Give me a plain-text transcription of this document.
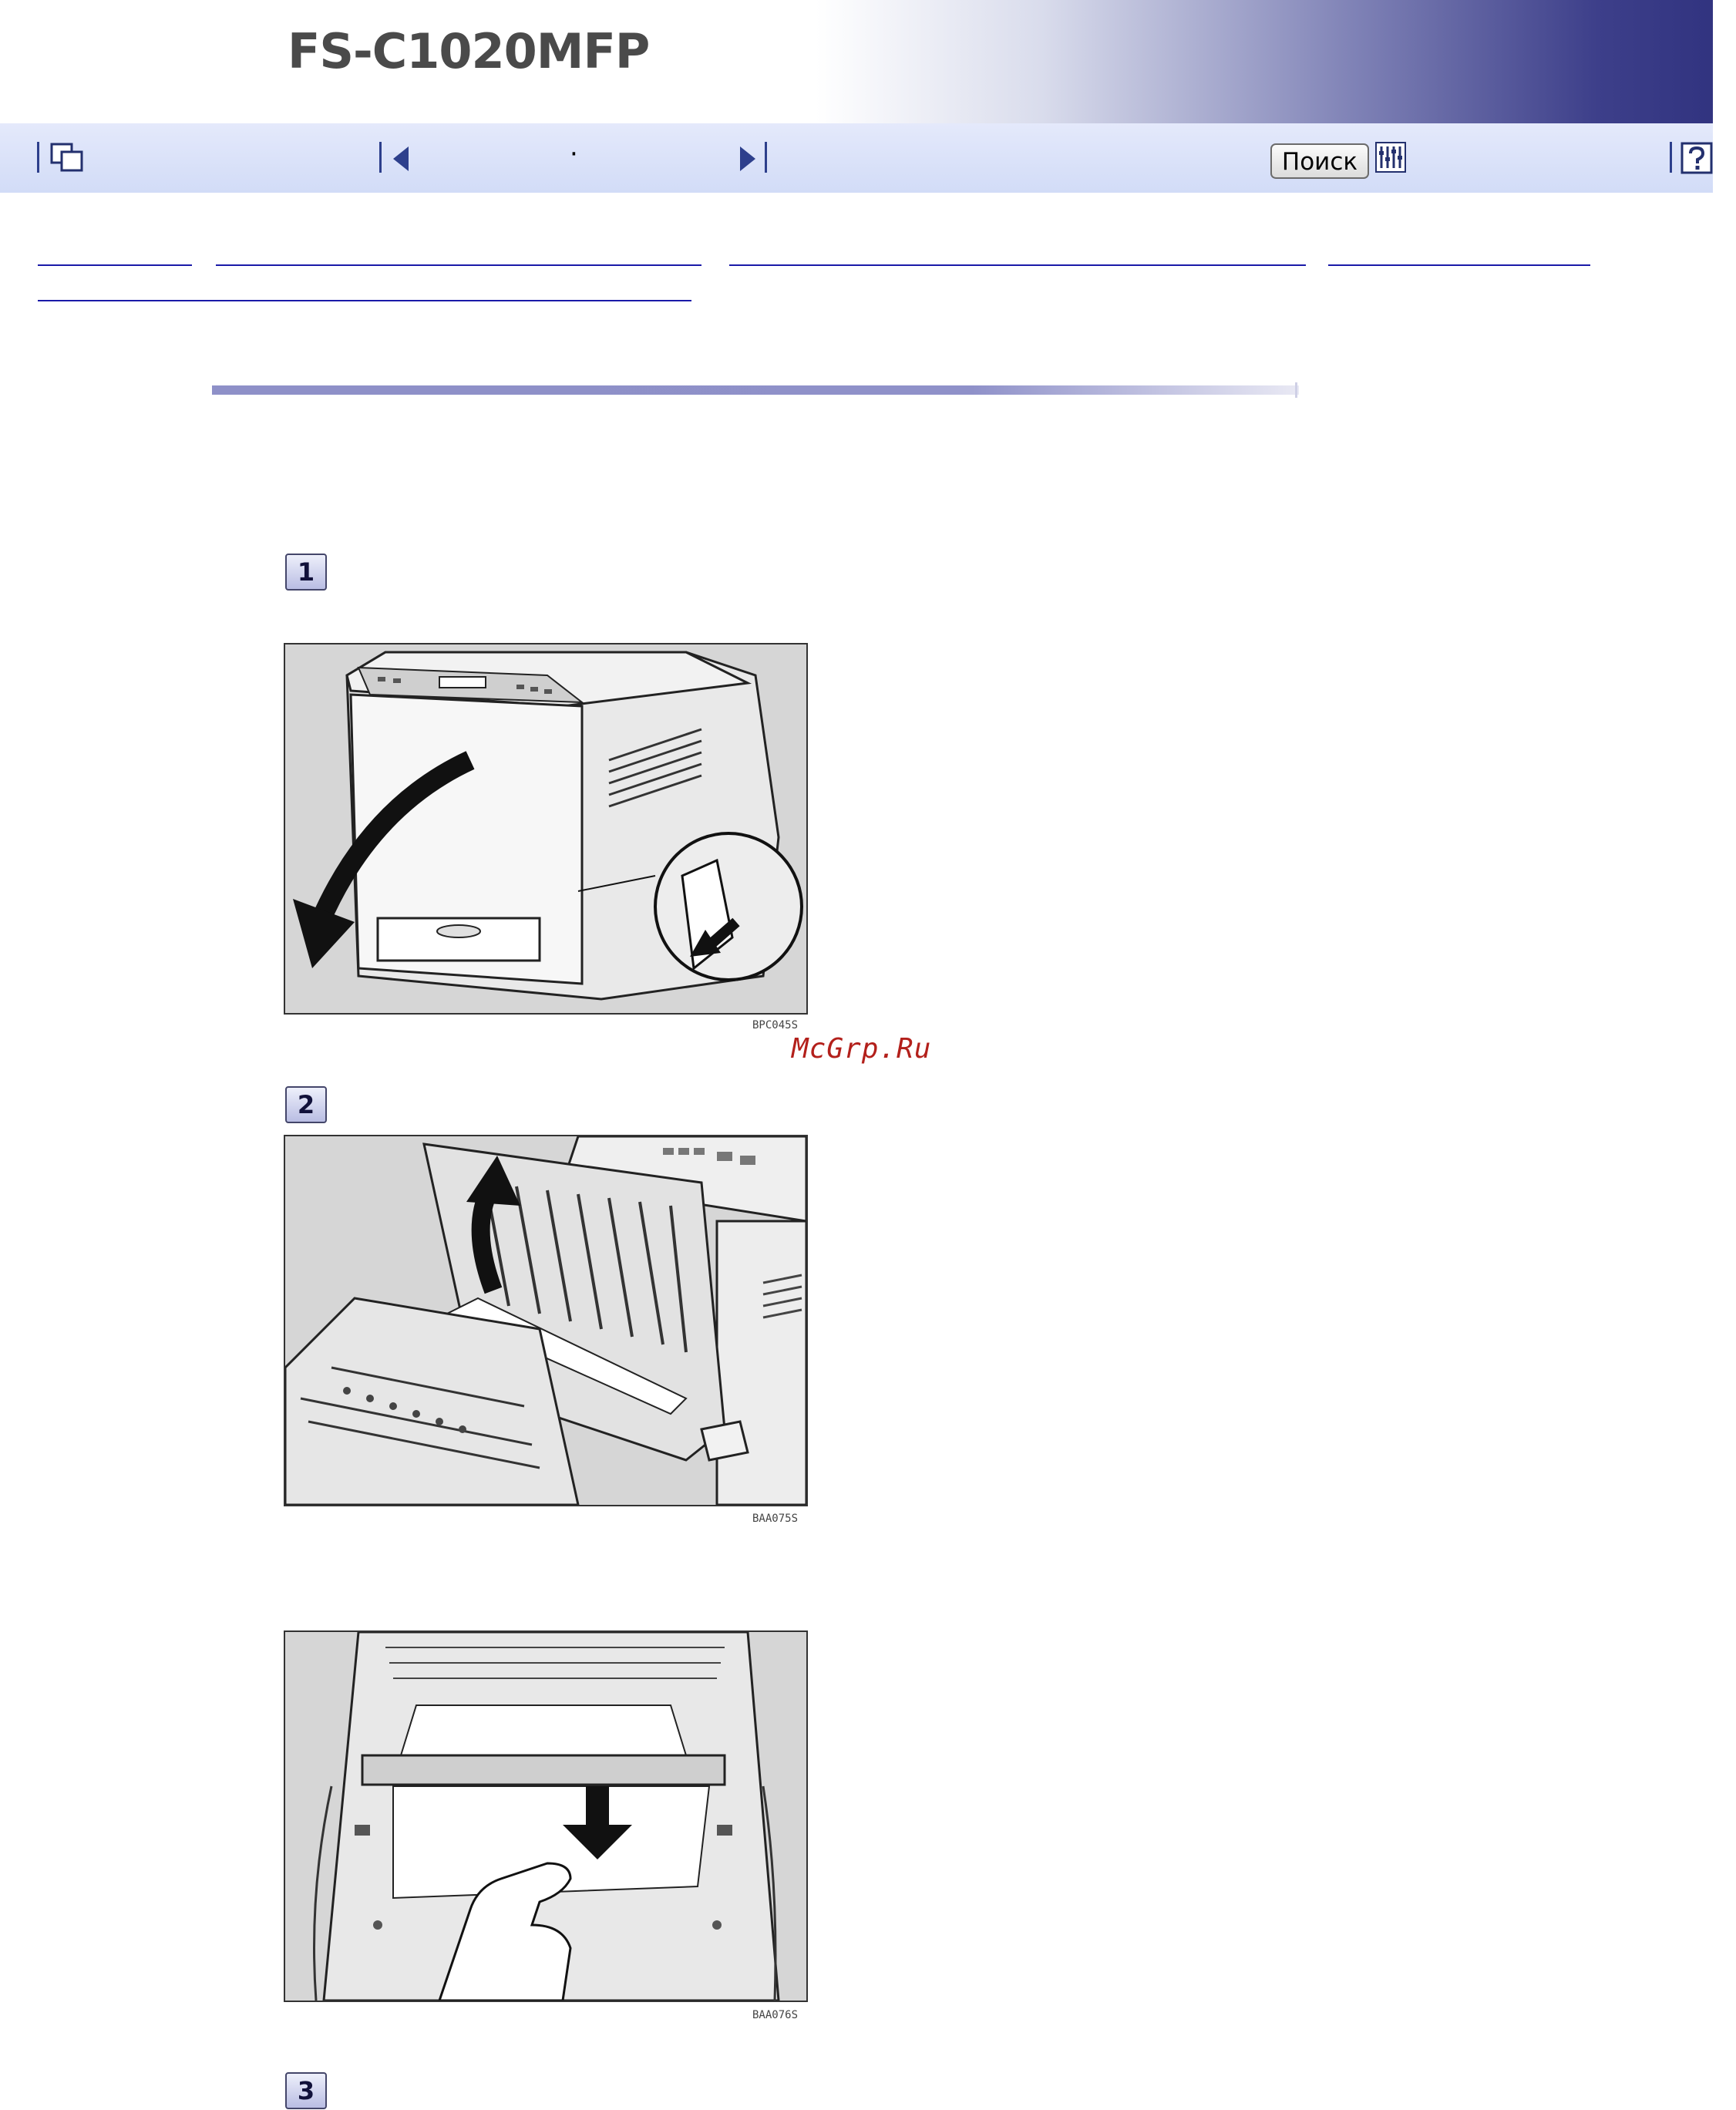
FS-C1020MFP
·	Поиск
1
BPC045S
McGrp.Ru
2
BAA075S
BAA076S
3
